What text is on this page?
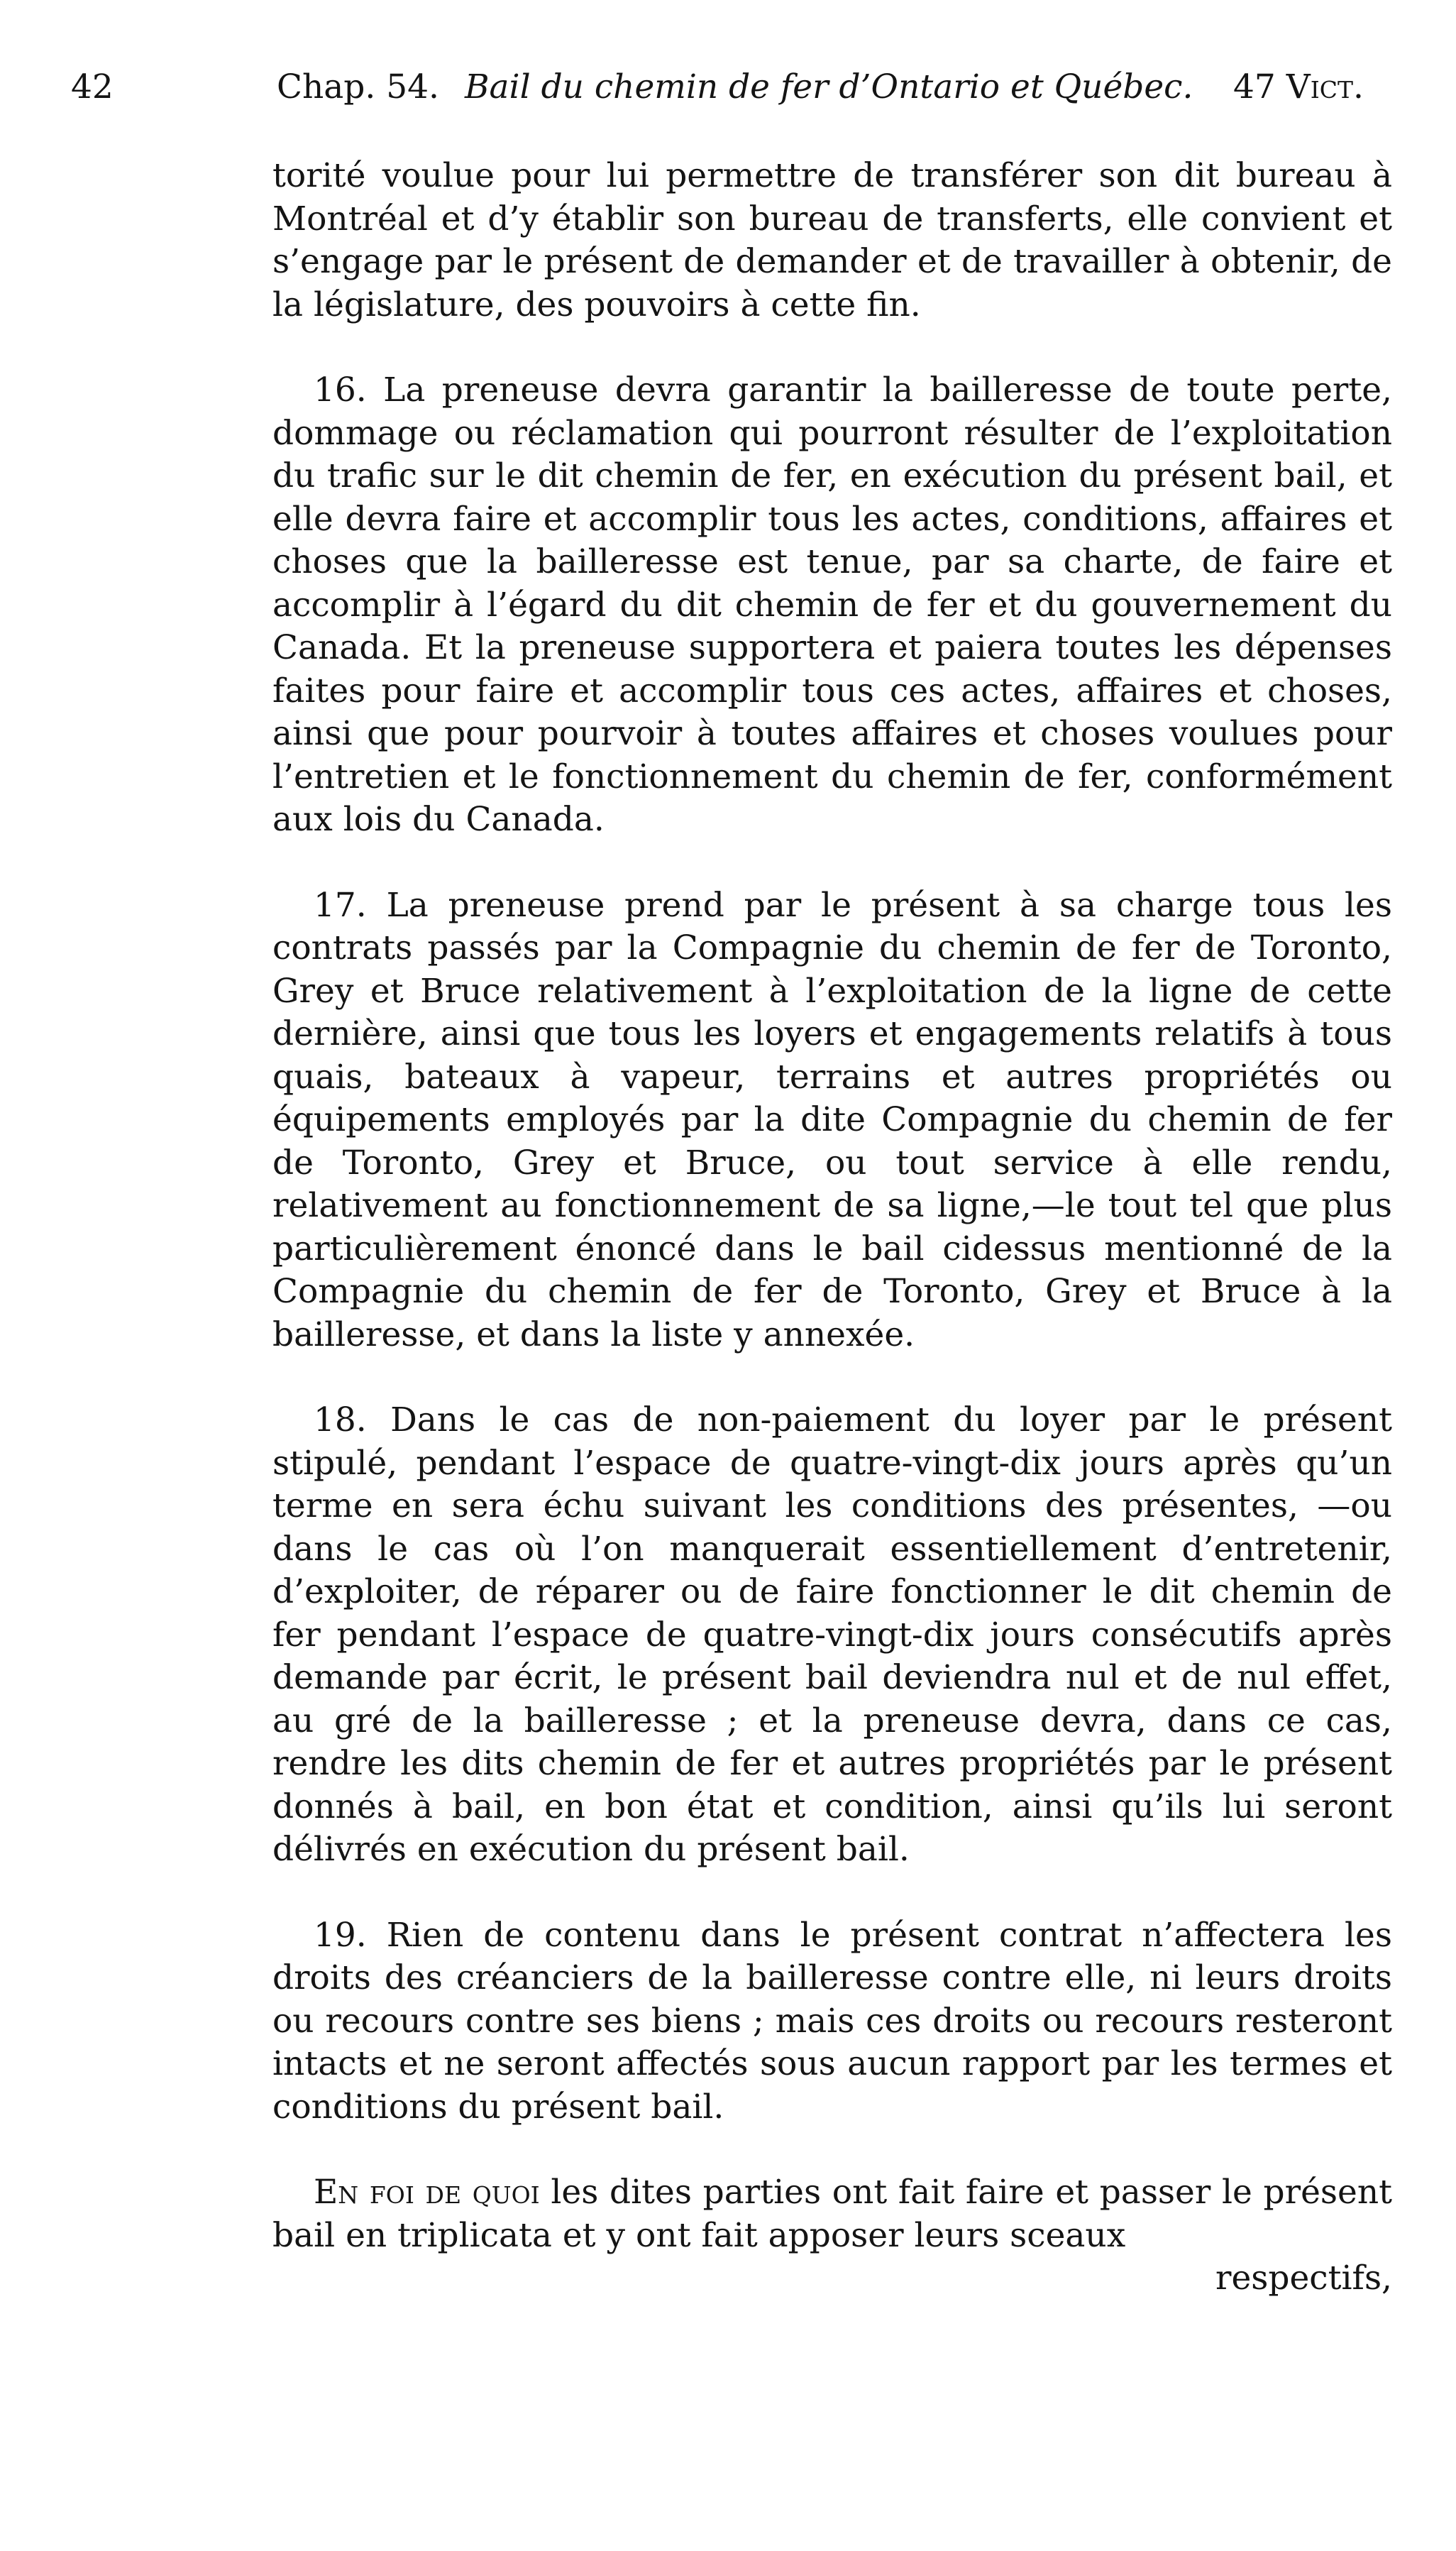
42	Chap. 54. Bail du chemin de fer d’Ontario et Québec. 47 Vict.

torité voulue pour lui permettre de transférer son dit bureau à Montréal et d’y établir son bureau de transferts, elle convient et s’engage par le présent de demander et de travailler à obtenir, de la législature, des pouvoirs à cette fin.

16. La preneuse devra garantir la bailleresse de toute perte, dommage ou réclamation qui pourront résulter de l’exploitation du trafic sur le dit chemin de fer, en exécution du présent bail, et elle devra faire et accomplir tous les actes, conditions, affaires et choses que la bailleresse est tenue, par sa charte, de faire et accomplir à l’égard du dit chemin de fer et du gouvernement du Canada. Et la preneuse supportera et paiera toutes les dépenses faites pour faire et accomplir tous ces actes, affaires et choses, ainsi que pour pourvoir à toutes affaires et choses voulues pour l’entretien et le fonctionnement du chemin de fer, conformément aux lois du Canada.

17. La preneuse prend par le présent à sa charge tous les contrats passés par la Compagnie du chemin de fer de Toronto, Grey et Bruce relativement à l’exploitation de la ligne de cette dernière, ainsi que tous les loyers et engagements relatifs à tous quais, bateaux à vapeur, terrains et autres propriétés ou équipements employés par la dite Compagnie du chemin de fer de Toronto, Grey et Bruce, ou tout service à elle rendu, relativement au fonctionnement de sa ligne,—le tout tel que plus particulièrement énoncé dans le bail cidessus mentionné de la Compagnie du chemin de fer de Toronto, Grey et Bruce à la bailleresse, et dans la liste y annexée.

18. Dans le cas de non-paiement du loyer par le présent stipulé, pendant l’espace de quatre-vingt-dix jours après qu’un terme en sera échu suivant les conditions des présentes, —ou dans le cas où l’on manquerait essentiellement d’entretenir, d’exploiter, de réparer ou de faire fonctionner le dit chemin de fer pendant l’espace de quatre-vingt-dix jours consécutifs après demande par écrit, le présent bail deviendra nul et de nul effet, au gré de la bailleresse ; et la preneuse devra, dans ce cas, rendre les dits chemin de fer et autres propriétés par le présent donnés à bail, en bon état et condition, ainsi qu’ils lui seront délivrés en exécution du présent bail.

19. Rien de contenu dans le présent contrat n’affectera les droits des créanciers de la bailleresse contre elle, ni leurs droits ou recours contre ses biens ; mais ces droits ou recours resteront intacts et ne seront affectés sous aucun rapport par les termes et conditions du présent bail.

En foi de quoi les dites parties ont fait faire et passer le présent bail en triplicata et y ont fait apposer leurs sceaux

respectifs,
